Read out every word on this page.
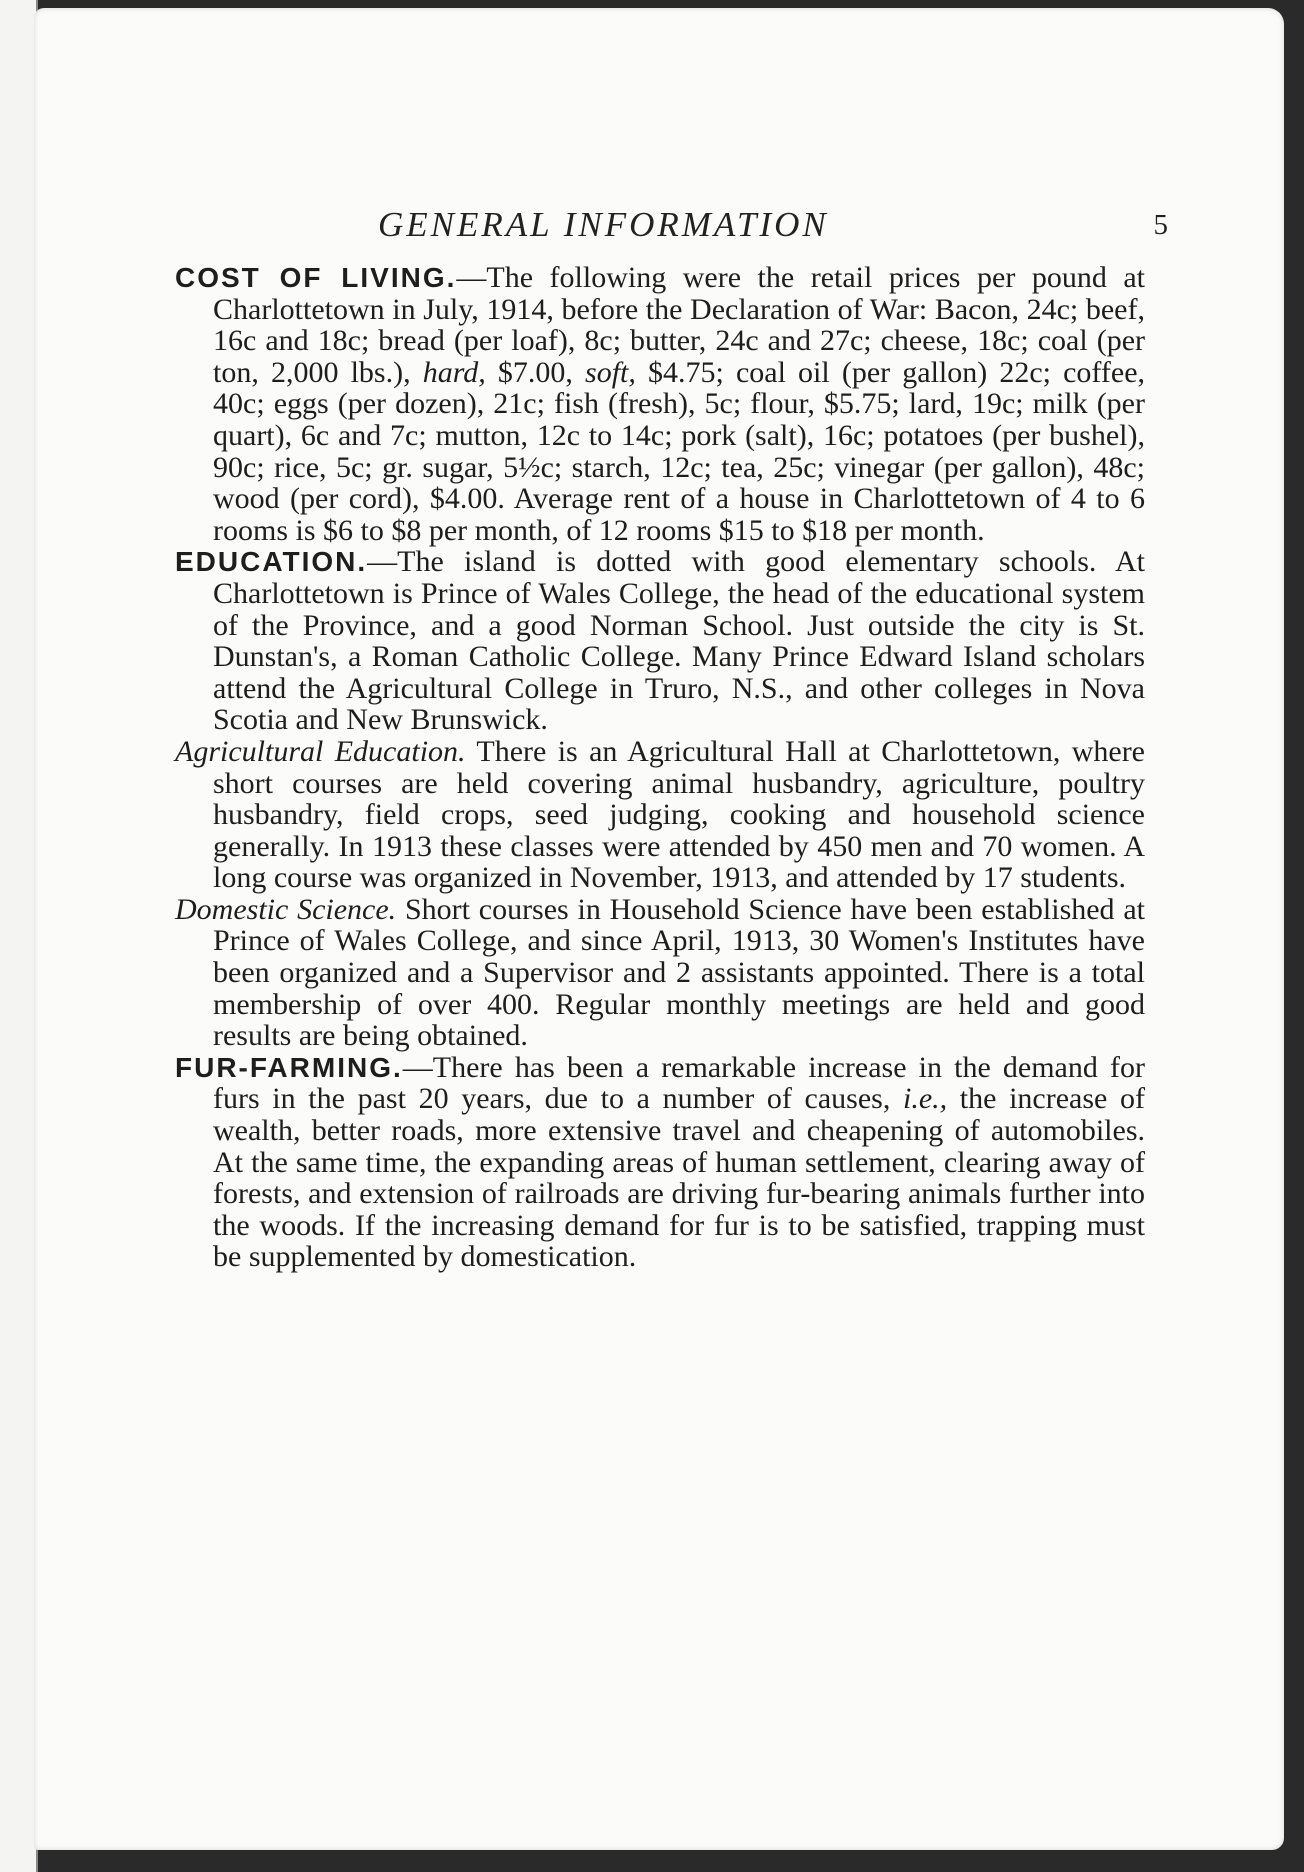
GENERAL INFORMATION	5

COST OF LIVING.—The following were the retail prices per pound at Charlottetown in July, 1914, before the Declaration of War: Bacon, 24c; beef, 16c and 18c; bread (per loaf), 8c; butter, 24c and 27c; cheese, 18c; coal (per ton, 2,000 lbs.), hard, $7.00, soft, $4.75; coal oil (per gallon) 22c; coffee, 40c; eggs (per dozen), 21c; fish (fresh), 5c; flour, $5.75; lard, 19c; milk (per quart), 6c and 7c; mutton, 12c to 14c; pork (salt), 16c; potatoes (per bushel), 90c; rice, 5c; gr. sugar, 5½c; starch, 12c; tea, 25c; vinegar (per gallon), 48c; wood (per cord), $4.00. Average rent of a house in Charlottetown of 4 to 6 rooms is $6 to $8 per month, of 12 rooms $15 to $18 per month.

EDUCATION.—The island is dotted with good elementary schools. At Charlottetown is Prince of Wales College, the head of the educational system of the Province, and a good Norman School. Just outside the city is St. Dunstan's, a Roman Catholic College. Many Prince Edward Island scholars attend the Agricultural College in Truro, N.S., and other colleges in Nova Scotia and New Brunswick.

Agricultural Education. There is an Agricultural Hall at Charlottetown, where short courses are held covering animal husbandry, agriculture, poultry husbandry, field crops, seed judging, cooking and household science generally. In 1913 these classes were attended by 450 men and 70 women. A long course was organized in November, 1913, and attended by 17 students.

Domestic Science. Short courses in Household Science have been established at Prince of Wales College, and since April, 1913, 30 Women's Institutes have been organized and a Supervisor and 2 assistants appointed. There is a total membership of over 400. Regular monthly meetings are held and good results are being obtained.

FUR-FARMING.—There has been a remarkable increase in the demand for furs in the past 20 years, due to a number of causes, i.e., the increase of wealth, better roads, more extensive travel and cheapening of automobiles. At the same time, the expanding areas of human settlement, clearing away of forests, and extension of railroads are driving fur-bearing animals further into the woods. If the increasing demand for fur is to be satisfied, trapping must be supplemented by domestication.
